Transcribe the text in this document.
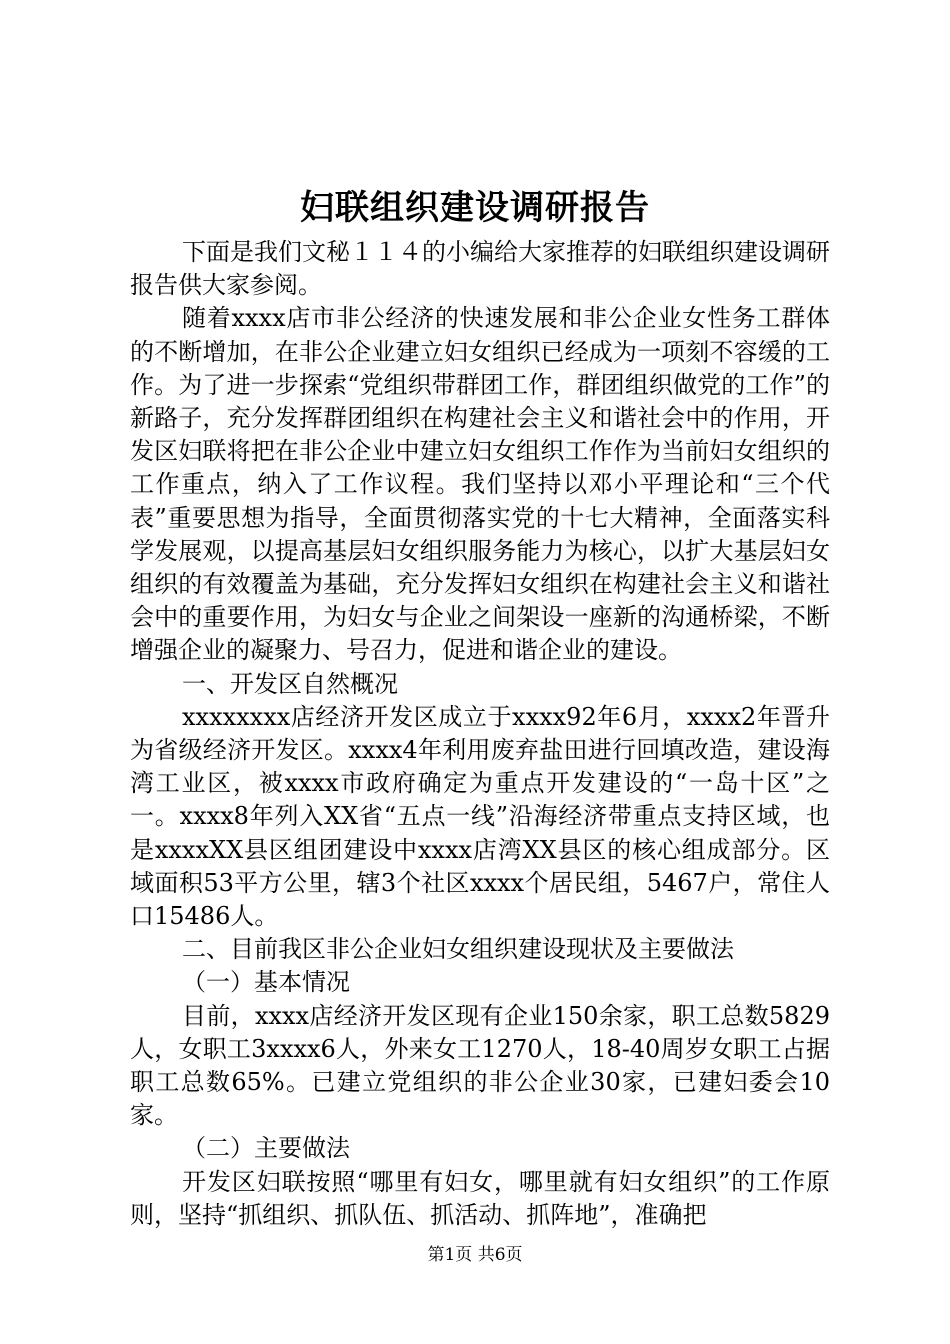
妇联组织建设调研报告

下面是我们文秘１１４的小编给大家推荐的妇联组织建设调研报告供大家参阅。

随着xxxx店市非公经济的快速发展和非公企业女性务工群体的不断增加，在非公企业建立妇女组织已经成为一项刻不容缓的工作。为了进一步探索“党组织带群团工作，群团组织做党的工作”的新路子，充分发挥群团组织在构建社会主义和谐社会中的作用，开发区妇联将把在非公企业中建立妇女组织工作作为当前妇女组织的工作重点，纳入了工作议程。我们坚持以邓小平理论和“三个代表”重要思想为指导，全面贯彻落实党的十七大精神，全面落实科学发展观，以提高基层妇女组织服务能力为核心，以扩大基层妇女组织的有效覆盖为基础，充分发挥妇女组织在构建社会主义和谐社会中的重要作用，为妇女与企业之间架设一座新的沟通桥梁，不断增强企业的凝聚力、号召力，促进和谐企业的建设。

一、开发区自然概况

xxxxxxxx店经济开发区成立于xxxx92年6月，xxxx2年晋升为省级经济开发区。xxxx4年利用废弃盐田进行回填改造，建设海湾工业区，被xxxx市政府确定为重点开发建设的“一岛十区”之一。xxxx8年列入XX省“五点一线”沿海经济带重点支持区域，也是xxxxXX县区组团建设中xxxx店湾XX县区的核心组成部分。区域面积53平方公里，辖3个社区xxxx个居民组，5467户，常住人口15486人。

二、目前我区非公企业妇女组织建设现状及主要做法

（一）基本情况

目前，xxxx店经济开发区现有企业150余家，职工总数5829人，女职工3xxxx6人，外来女工1270人，18-40周岁女职工占据职工总数65%。已建立党组织的非公企业30家，已建妇委会10家。

（二）主要做法

开发区妇联按照“哪里有妇女，哪里就有妇女组织”的工作原则，坚持“抓组织、抓队伍、抓活动、抓阵地”，准确把

第1页 共6页
